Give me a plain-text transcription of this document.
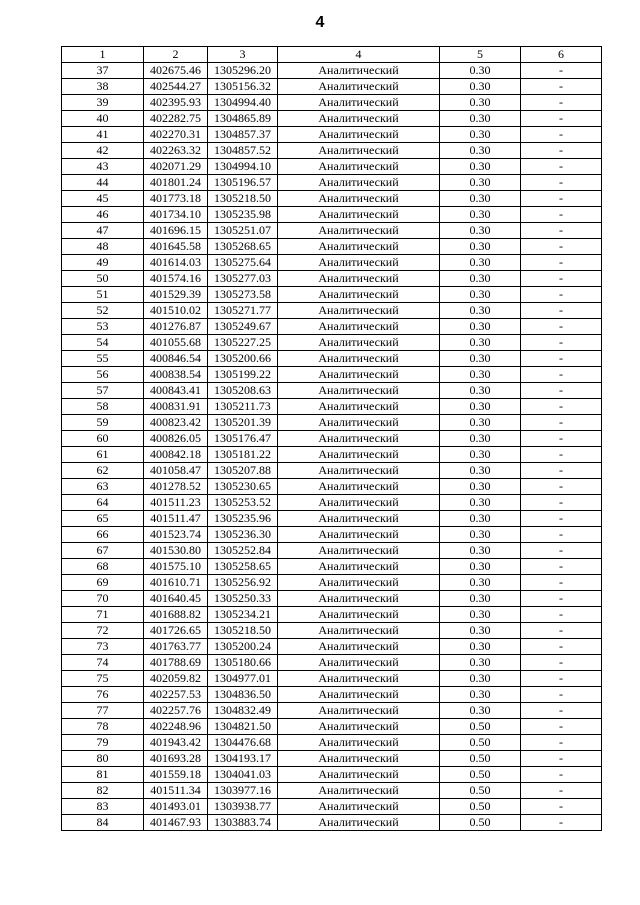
4
1	2	3	4	5	6
37	402675.46	1305296.20	Аналитический	0.30	-
38	402544.27	1305156.32	Аналитический	0.30	-
39	402395.93	1304994.40	Аналитический	0.30	-
40	402282.75	1304865.89	Аналитический	0.30	-
41	402270.31	1304857.37	Аналитический	0.30	-
42	402263.32	1304857.52	Аналитический	0.30	-
43	402071.29	1304994.10	Аналитический	0.30	-
44	401801.24	1305196.57	Аналитический	0.30	-
45	401773.18	1305218.50	Аналитический	0.30	-
46	401734.10	1305235.98	Аналитический	0.30	-
47	401696.15	1305251.07	Аналитический	0.30	-
48	401645.58	1305268.65	Аналитический	0.30	-
49	401614.03	1305275.64	Аналитический	0.30	-
50	401574.16	1305277.03	Аналитический	0.30	-
51	401529.39	1305273.58	Аналитический	0.30	-
52	401510.02	1305271.77	Аналитический	0.30	-
53	401276.87	1305249.67	Аналитический	0.30	-
54	401055.68	1305227.25	Аналитический	0.30	-
55	400846.54	1305200.66	Аналитический	0.30	-
56	400838.54	1305199.22	Аналитический	0.30	-
57	400843.41	1305208.63	Аналитический	0.30	-
58	400831.91	1305211.73	Аналитический	0.30	-
59	400823.42	1305201.39	Аналитический	0.30	-
60	400826.05	1305176.47	Аналитический	0.30	-
61	400842.18	1305181.22	Аналитический	0.30	-
62	401058.47	1305207.88	Аналитический	0.30	-
63	401278.52	1305230.65	Аналитический	0.30	-
64	401511.23	1305253.52	Аналитический	0.30	-
65	401511.47	1305235.96	Аналитический	0.30	-
66	401523.74	1305236.30	Аналитический	0.30	-
67	401530.80	1305252.84	Аналитический	0.30	-
68	401575.10	1305258.65	Аналитический	0.30	-
69	401610.71	1305256.92	Аналитический	0.30	-
70	401640.45	1305250.33	Аналитический	0.30	-
71	401688.82	1305234.21	Аналитический	0.30	-
72	401726.65	1305218.50	Аналитический	0.30	-
73	401763.77	1305200.24	Аналитический	0.30	-
74	401788.69	1305180.66	Аналитический	0.30	-
75	402059.82	1304977.01	Аналитический	0.30	-
76	402257.53	1304836.50	Аналитический	0.30	-
77	402257.76	1304832.49	Аналитический	0.30	-
78	402248.96	1304821.50	Аналитический	0.50	-
79	401943.42	1304476.68	Аналитический	0.50	-
80	401693.28	1304193.17	Аналитический	0.50	-
81	401559.18	1304041.03	Аналитический	0.50	-
82	401511.34	1303977.16	Аналитический	0.50	-
83	401493.01	1303938.77	Аналитический	0.50	-
84	401467.93	1303883.74	Аналитический	0.50	-
